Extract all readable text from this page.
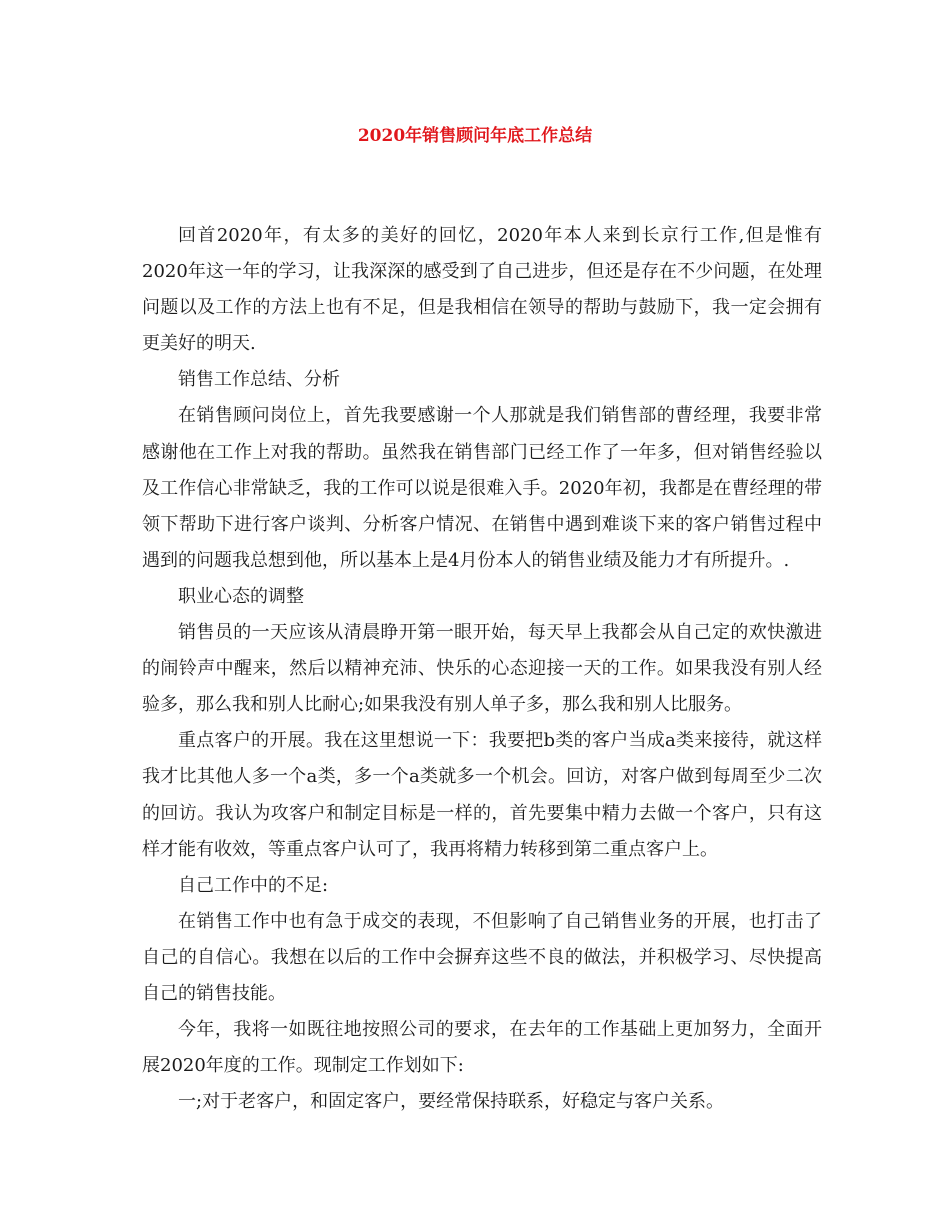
2020年销售顾问年底工作总结

回首2020年，有太多的美好的回忆，2020年本人来到长京行工作,但是惟有2020年这一年的学习，让我深深的感受到了自己进步，但还是存在不少问题，在处理问题以及工作的方法上也有不足，但是我相信在领导的帮助与鼓励下，我一定会拥有更美好的明天.

销售工作总结、分析

在销售顾问岗位上，首先我要感谢一个人那就是我们销售部的曹经理，我要非常感谢他在工作上对我的帮助。虽然我在销售部门已经工作了一年多，但对销售经验以及工作信心非常缺乏，我的工作可以说是很难入手。2020年初，我都是在曹经理的带领下帮助下进行客户谈判、分析客户情况、在销售中遇到难谈下来的客户销售过程中遇到的问题我总想到他，所以基本上是4月份本人的销售业绩及能力才有所提升。.

职业心态的调整

销售员的一天应该从清晨睁开第一眼开始，每天早上我都会从自己定的欢快激进的闹铃声中醒来，然后以精神充沛、快乐的心态迎接一天的工作。如果我没有别人经验多，那么我和别人比耐心;如果我没有别人单子多，那么我和别人比服务。

重点客户的开展。我在这里想说一下：我要把b类的客户当成a类来接待，就这样我才比其他人多一个a类，多一个a类就多一个机会。回访，对客户做到每周至少二次的回访。我认为攻客户和制定目标是一样的，首先要集中精力去做一个客户，只有这样才能有收效，等重点客户认可了，我再将精力转移到第二重点客户上。

自己工作中的不足:

在销售工作中也有急于成交的表现，不但影响了自己销售业务的开展，也打击了自己的自信心。我想在以后的工作中会摒弃这些不良的做法，并积极学习、尽快提高自己的销售技能。

今年，我将一如既往地按照公司的要求，在去年的工作基础上更加努力，全面开展2020年度的工作。现制定工作划如下:

一;对于老客户，和固定客户，要经常保持联系，好稳定与客户关系。
